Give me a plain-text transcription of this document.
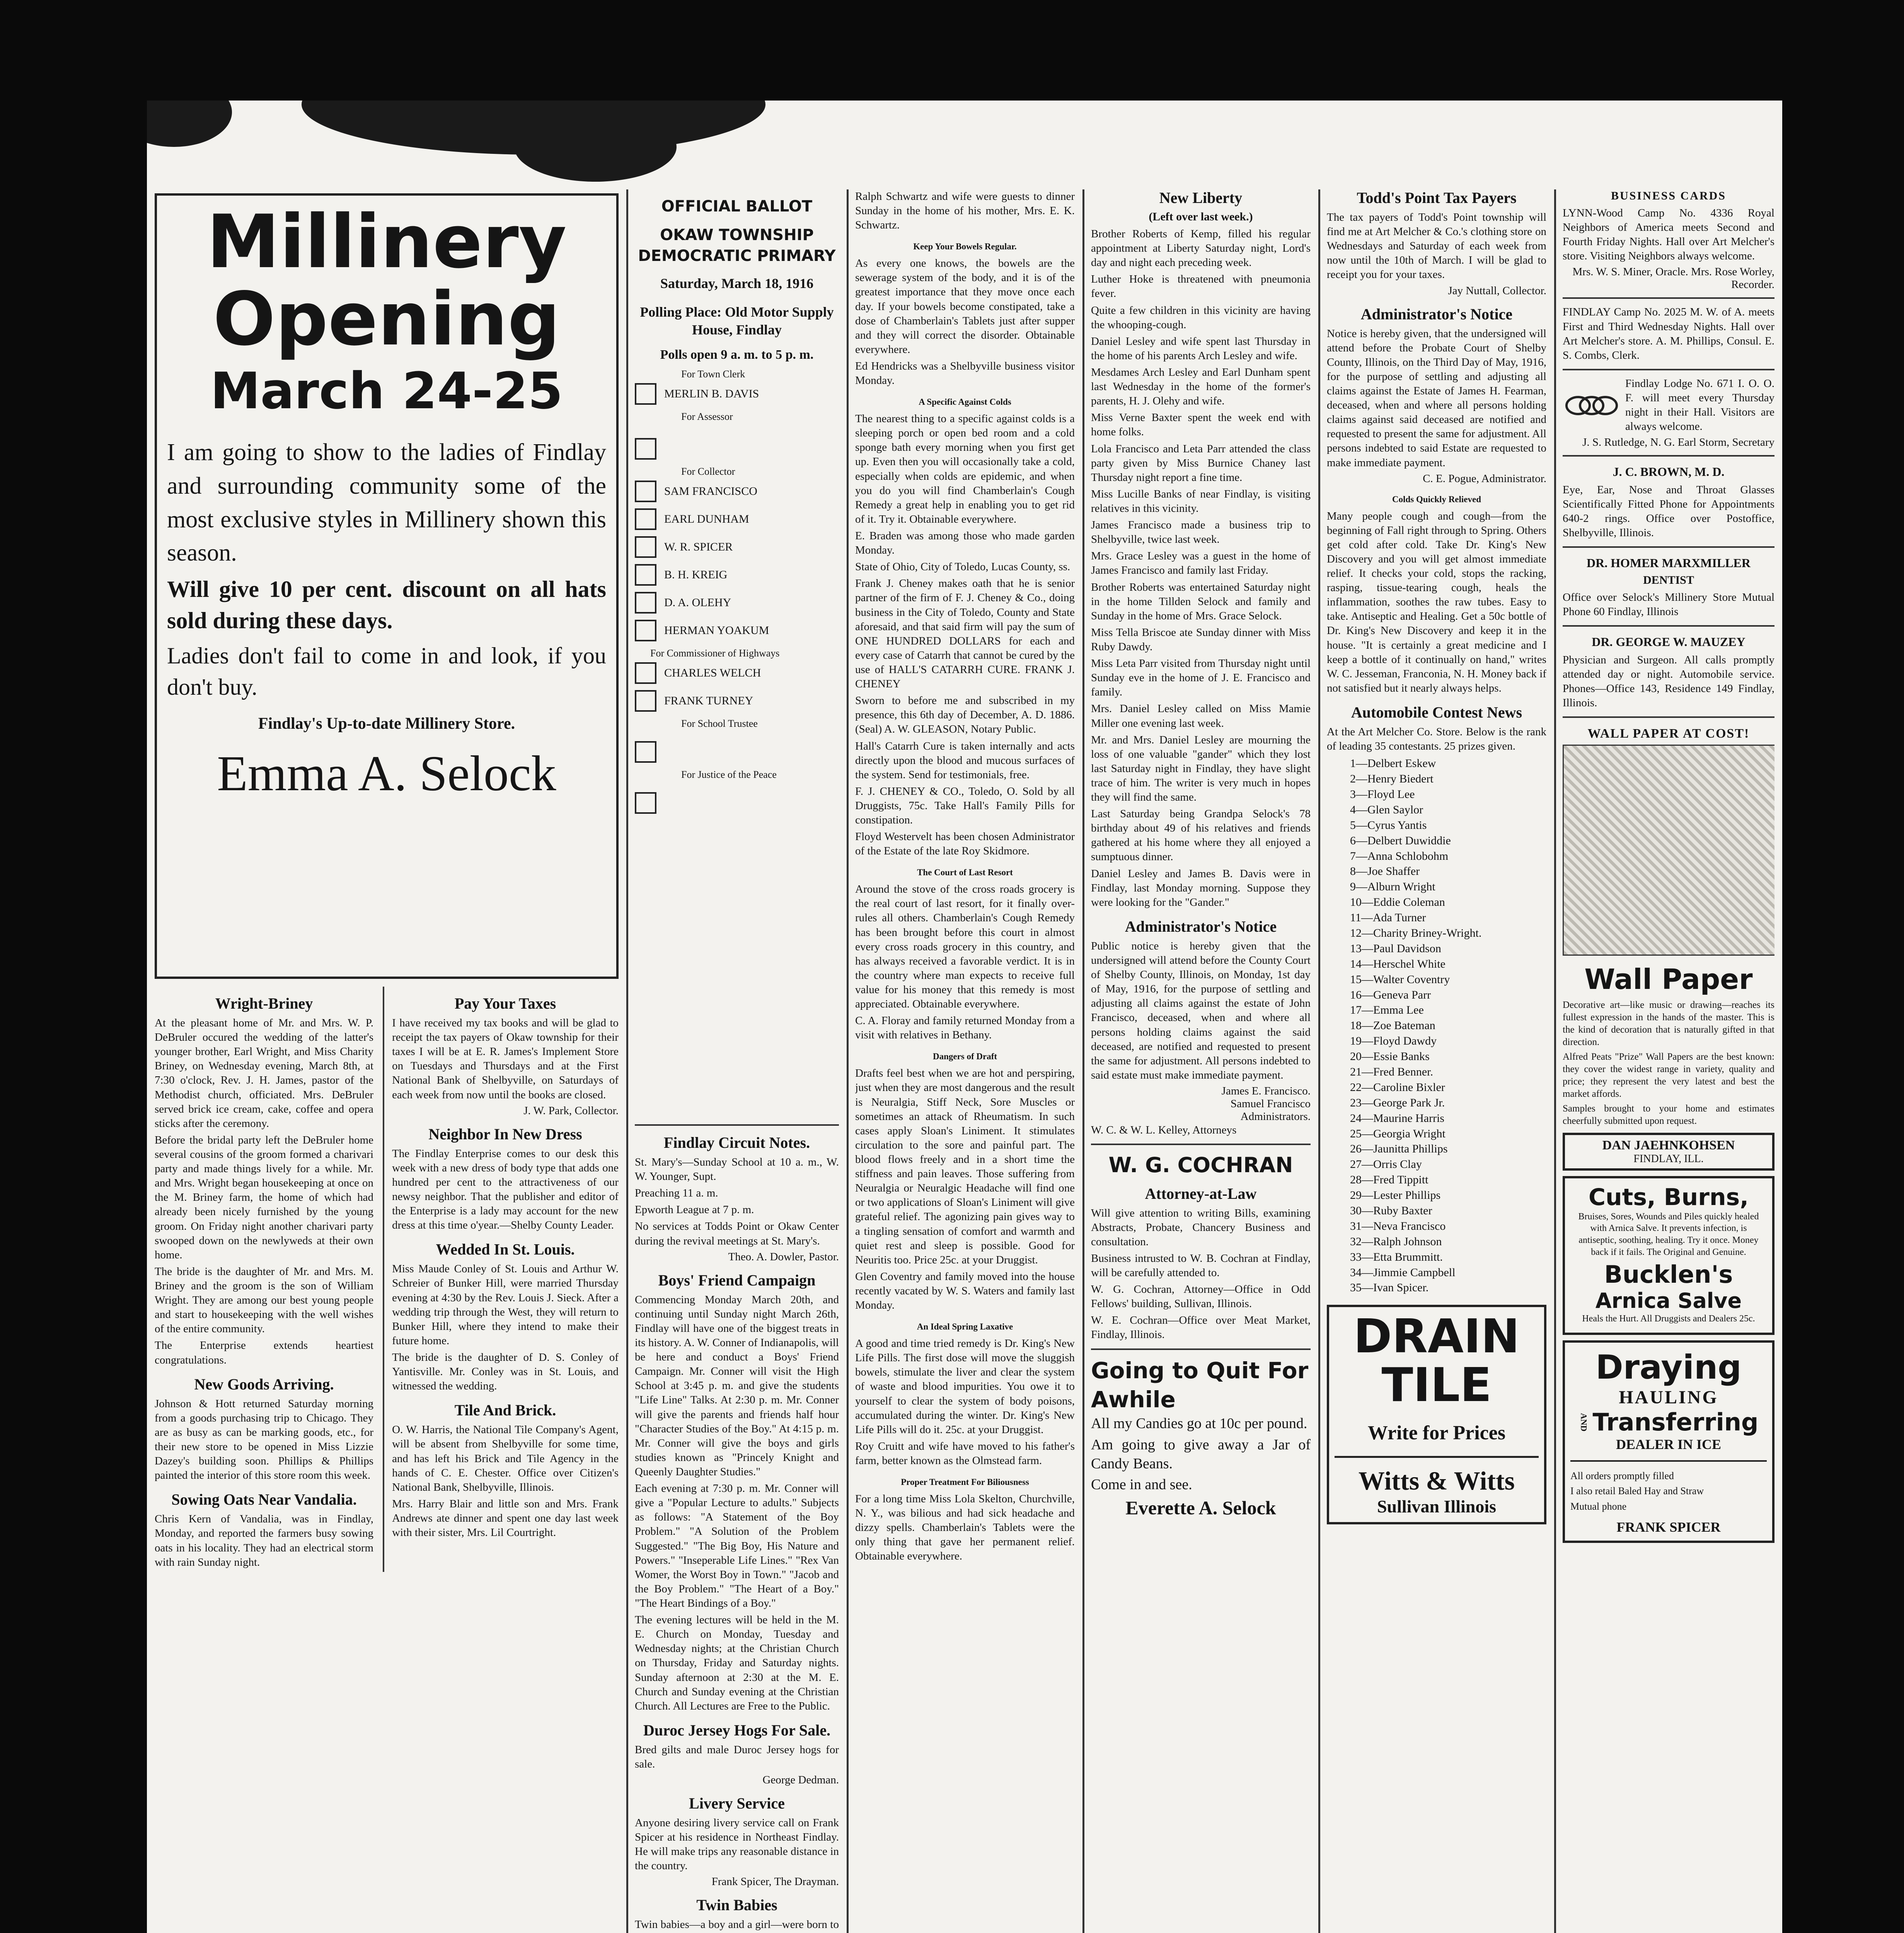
Millinery
Opening
March 24-25

I am going to show to the ladies of Findlay and surrounding community some of the most exclusive styles in Millinery shown this season.

Will give 10 per cent. discount on all hats sold during these days.

Ladies don't fail to come in and look, if you don't buy.

Findlay's Up-to-date Millinery Store.
Emma A. Selock
Wright-Briney

At the pleasant home of Mr. and Mrs. W. P. DeBruler occured the wedding of the latter's younger brother, Earl Wright, and Miss Charity Briney, on Wednesday evening, March 8th, at 7:30 o'clock, Rev. J. H. James, pastor of the Methodist church, officiated. Mrs. DeBruler served brick ice cream, cake, coffee and opera sticks after the ceremony.

Before the bridal party left the DeBruler home several cousins of the groom formed a charivari party and made things lively for a while. Mr. and Mrs. Wright began housekeeping at once on the M. Briney farm, the home of which had already been nicely furnished by the young groom. On Friday night another charivari party swooped down on the newlyweds at their own home.

The bride is the daughter of Mr. and Mrs. M. Briney and the groom is the son of William Wright. They are among our best young people and start to housekeeping with the well wishes of the entire community.

The Enterprise extends heartiest congratulations.

New Goods Arriving.

Johnson & Hott returned Saturday morning from a goods purchasing trip to Chicago. They are as busy as can be marking goods, etc., for their new store to be opened in Miss Lizzie Dazey's building soon. Phillips & Phillips painted the interior of this store room this week.

Sowing Oats Near Vandalia.

Chris Kern of Vandalia, was in Findlay, Monday, and reported the farmers busy sowing oats in his locality. They had an electrical storm with rain Sunday night.

Pay Your Taxes

I have received my tax books and will be glad to receipt the tax payers of Okaw township for their taxes I will be at E. R. James's Implement Store on Tuesdays and Thursdays and at the First National Bank of Shelbyville, on Saturdays of each week from now until the books are closed.

J. W. Park, Collector.
Neighbor In New Dress

The Findlay Enterprise comes to our desk this week with a new dress of body type that adds one hundred per cent to the attractiveness of our newsy neighbor. That the publisher and editor of the Enterprise is a lady may account for the new dress at this time o'year.—Shelby County Leader.

Wedded In St. Louis.

Miss Maude Conley of St. Louis and Arthur W. Schreier of Bunker Hill, were married Thursday evening at 4:30 by the Rev. Louis J. Sieck. After a wedding trip through the West, they will return to Bunker Hill, where they intend to make their future home.

The bride is the daughter of D. S. Conley of Yantisville. Mr. Conley was in St. Louis, and witnessed the wedding.

Tile And Brick.

O. W. Harris, the National Tile Company's Agent, will be absent from Shelbyville for some time, and has left his Brick and Tile Agency in the hands of C. E. Chester. Office over Citizen's National Bank, Shelbyville, Illinois.

Mrs. Harry Blair and little son and Mrs. Frank Andrews ate dinner and spent one day last week with their sister, Mrs. Lil Courtright.

OFFICIAL BALLOT
OKAW TOWNSHIP
DEMOCRATIC PRIMARY
Saturday, March 18, 1916

Polling Place: Old Motor Supply House, Findlay

Polls open 9 a. m. to 5 p. m.

For Town Clerk
MERLIN B. DAVIS
For Assessor
For Collector
SAM FRANCISCO
EARL DUNHAM
W. R. SPICER
B. H. KREIG
D. A. OLEHY
HERMAN YOAKUM
For Commissioner of Highways
CHARLES WELCH
FRANK TURNEY
For School Trustee
For Justice of the Peace
Findlay Circuit Notes.

St. Mary's—Sunday School at 10 a. m., W. W. Younger, Supt.

Preaching 11 a. m.

Epworth League at 7 p. m.

No services at Todds Point or Okaw Center during the revival meetings at St. Mary's.

Theo. A. Dowler, Pastor.
Boys' Friend Campaign

Commencing Monday March 20th, and continuing until Sunday night March 26th, Findlay will have one of the biggest treats in its history. A. W. Conner of Indianapolis, will be here and conduct a Boys' Friend Campaign. Mr. Conner will visit the High School at 3:45 p. m. and give the students "Life Line" Talks. At 2:30 p. m. Mr. Conner will give the parents and friends half hour "Character Studies of the Boy." At 4:15 p. m. Mr. Conner will give the boys and girls studies known as "Princely Knight and Queenly Daughter Studies."

Each evening at 7:30 p. m. Mr. Conner will give a "Popular Lecture to adults." Subjects as follows: "A Statement of the Boy Problem." "A Solution of the Problem Suggested." "The Big Boy, His Nature and Powers." "Inseperable Life Lines." "Rex Van Womer, the Worst Boy in Town." "Jacob and the Boy Problem." "The Heart of a Boy." "The Heart Bindings of a Boy."

The evening lectures will be held in the M. E. Church on Monday, Tuesday and Wednesday nights; at the Christian Church on Thursday, Friday and Saturday nights. Sunday afternoon at 2:30 at the M. E. Church and Sunday evening at the Christian Church. All Lectures are Free to the Public.

Duroc Jersey Hogs For Sale.

Bred gilts and male Duroc Jersey hogs for sale.

George Dedman.
Livery Service

Anyone desiring livery service call on Frank Spicer at his residence in Northeast Findlay. He will make trips any reasonable distance in the country.

Frank Spicer, The Drayman.
Twin Babies

Twin babies—a boy and a girl—were born to

Ralph Schwartz and wife were guests to dinner Sunday in the home of his mother, Mrs. E. K. Schwartz.

Keep Your Bowels Regular.

As every one knows, the bowels are the sewerage system of the body, and it is of the greatest importance that they move once each day. If your bowels become constipated, take a dose of Chamberlain's Tablets just after supper and they will correct the disorder. Obtainable everywhere.

Ed Hendricks was a Shelbyville business visitor Monday.

A Specific Against Colds

The nearest thing to a specific against colds is a sleeping porch or open bed room and a cold sponge bath every morning when you first get up. Even then you will occasionally take a cold, especially when colds are epidemic, and when you do you will find Chamberlain's Cough Remedy a great help in enabling you to get rid of it. Try it. Obtainable everywhere.

E. Braden was among those who made garden Monday.

State of Ohio, City of Toledo, Lucas County, ss.

Frank J. Cheney makes oath that he is senior partner of the firm of F. J. Cheney & Co., doing business in the City of Toledo, County and State aforesaid, and that said firm will pay the sum of ONE HUNDRED DOLLARS for each and every case of Catarrh that cannot be cured by the use of HALL'S CATARRH CURE. FRANK J. CHENEY

Sworn to before me and subscribed in my presence, this 6th day of December, A. D. 1886. (Seal) A. W. GLEASON, Notary Public.

Hall's Catarrh Cure is taken internally and acts directly upon the blood and mucous surfaces of the system. Send for testimonials, free.

F. J. CHENEY & CO., Toledo, O. Sold by all Druggists, 75c. Take Hall's Family Pills for constipation.

Floyd Westervelt has been chosen Administrator of the Estate of the late Roy Skidmore.

The Court of Last Resort

Around the stove of the cross roads grocery is the real court of last resort, for it finally over-rules all others. Chamberlain's Cough Remedy has been brought before this court in almost every cross roads grocery in this country, and has always received a favorable verdict. It is in the country where man expects to receive full value for his money that this remedy is most appreciated. Obtainable everywhere.

C. A. Floray and family returned Monday from a visit with relatives in Bethany.

Dangers of Draft

Drafts feel best when we are hot and perspiring, just when they are most dangerous and the result is Neuralgia, Stiff Neck, Sore Muscles or sometimes an attack of Rheumatism. In such cases apply Sloan's Liniment. It stimulates circulation to the sore and painful part. The blood flows freely and in a short time the stiffness and pain leaves. Those suffering from Neuralgia or Neuralgic Headache will find one or two applications of Sloan's Liniment will give grateful relief. The agonizing pain gives way to a tingling sensation of comfort and warmth and quiet rest and sleep is possible. Good for Neuritis too. Price 25c. at your Druggist.

Glen Coventry and family moved into the house recently vacated by W. S. Waters and family last Monday.

An Ideal Spring Laxative

A good and time tried remedy is Dr. King's New Life Pills. The first dose will move the sluggish bowels, stimulate the liver and clear the system of waste and blood impurities. You owe it to yourself to clear the system of body poisons, accumulated during the winter. Dr. King's New Life Pills will do it. 25c. at your Druggist.

Roy Cruitt and wife have moved to his father's farm, better known as the Olmstead farm.

Proper Treatment For Biliousness

For a long time Miss Lola Skelton, Churchville, N. Y., was bilious and had sick headache and dizzy spells. Chamberlain's Tablets were the only thing that gave her permanent relief. Obtainable everywhere.

New Liberty
(Left over last week.)

Brother Roberts of Kemp, filled his regular appointment at Liberty Saturday night, Lord's day and night each preceding week.

Luther Hoke is threatened with pneumonia fever.

Quite a few children in this vicinity are having the whooping-cough.

Daniel Lesley and wife spent last Thursday in the home of his parents Arch Lesley and wife.

Mesdames Arch Lesley and Earl Dunham spent last Wednesday in the home of the former's parents, H. J. Olehy and wife.

Miss Verne Baxter spent the week end with home folks.

Lola Francisco and Leta Parr attended the class party given by Miss Burnice Chaney last Thursday night report a fine time.

Miss Lucille Banks of near Findlay, is visiting relatives in this vicinity.

James Francisco made a business trip to Shelbyville, twice last week.

Mrs. Grace Lesley was a guest in the home of James Francisco and family last Friday.

Brother Roberts was entertained Saturday night in the home Tillden Selock and family and Sunday in the home of Mrs. Grace Selock.

Miss Tella Briscoe ate Sunday dinner with Miss Ruby Dawdy.

Miss Leta Parr visited from Thursday night until Sunday eve in the home of J. E. Francisco and family.

Mrs. Daniel Lesley called on Miss Mamie Miller one evening last week.

Mr. and Mrs. Daniel Lesley are mourning the loss of one valuable "gander" which they lost last Saturday night in Findlay, they have slight trace of him. The writer is very much in hopes they will find the same.

Last Saturday being Grandpa Selock's 78 birthday about 49 of his relatives and friends gathered at his home where they all enjoyed a sumptuous dinner.

Daniel Lesley and James B. Davis were in Findlay, last Monday morning. Suppose they were looking for the "Gander."

Administrator's Notice

Public notice is hereby given that the undersigned will attend before the County Court of Shelby County, Illinois, on Monday, 1st day of May, 1916, for the purpose of settling and adjusting all claims against the estate of John Francisco, deceased, when and where all persons holding claims against the said deceased, are notified and requested to present the same for adjustment. All persons indebted to said estate must make immediate payment.

James E. Francisco.
Samuel Francisco
Administrators.

W. C. & W. L. Kelley, Attorneys

W. G. COCHRAN
Attorney-at-Law

Will give attention to writing Bills, examining Abstracts, Probate, Chancery Business and consultation.

Business intrusted to W. B. Cochran at Findlay, will be carefully attended to.

W. G. Cochran, Attorney—Office in Odd Fellows' building, Sullivan, Illinois.

W. E. Cochran—Office over Meat Market, Findlay, Illinois.

Going to Quit For Awhile

All my Candies go at 10c per pound.

Am going to give away a Jar of Candy Beans.

Come in and see.

Everette A. Selock
Todd's Point Tax Payers

The tax payers of Todd's Point township will find me at Art Melcher & Co.'s clothing store on Wednesdays and Saturday of each week from now until the 10th of March. I will be glad to receipt you for your taxes.

Jay Nuttall, Collector.
Administrator's Notice

Notice is hereby given, that the undersigned will attend before the Probate Court of Shelby County, Illinois, on the Third Day of May, 1916, for the purpose of settling and adjusting all claims against the Estate of James H. Fearman, deceased, when and where all persons holding claims against said deceased are notified and requested to present the same for adjustment. All persons indebted to said Estate are requested to make immediate payment.

C. E. Pogue, Administrator.
Colds Quickly Relieved

Many people cough and cough—from the beginning of Fall right through to Spring. Others get cold after cold. Take Dr. King's New Discovery and you will get almost immediate relief. It checks your cold, stops the racking, rasping, tissue-tearing cough, heals the inflammation, soothes the raw tubes. Easy to take. Antiseptic and Healing. Get a 50c bottle of Dr. King's New Discovery and keep it in the house. "It is certainly a great medicine and I keep a bottle of it continually on hand," writes W. C. Jesseman, Franconia, N. H. Money back if not satisfied but it nearly always helps.

Automobile Contest News

At the Art Melcher Co. Store. Below is the rank of leading 35 contestants. 25 prizes given.

1—Delbert Eskew
2—Henry Biedert
3—Floyd Lee
4—Glen Saylor
5—Cyrus Yantis
6—Delbert Duwiddie
7—Anna Schlobohm
8—Joe Shaffer
9—Alburn Wright
10—Eddie Coleman
11—Ada Turner
12—Charity Briney-Wright.
13—Paul Davidson
14—Herschel White
15—Walter Coventry
16—Geneva Parr
17—Emma Lee
18—Zoe Bateman
19—Floyd Dawdy
20—Essie Banks
21—Fred Benner.
22—Caroline Bixler
23—George Park Jr.
24—Maurine Harris
25—Georgia Wright
26—Jaunitta Phillips
27—Orris Clay
28—Fred Tippitt
29—Lester Phillips
30—Ruby Baxter
31—Neva Francisco
32—Ralph Johnson
33—Etta Brummitt.
34—Jimmie Campbell
35—Ivan Spicer.
DRAIN
TILE
Write for Prices
Witts & Witts
Sullivan Illinois
BUSINESS CARDS

LYNN-Wood Camp No. 4336 Royal Neighbors of America meets Second and Fourth Friday Nights. Hall over Art Melcher's store. Visiting Neighbors always welcome.

Mrs. W. S. Miner, Oracle. Mrs. Rose Worley, Recorder.

FINDLAY Camp No. 2025 M. W. of A. meets First and Third Wednesday Nights. Hall over Art Melcher's store. A. M. Phillips, Consul. E. S. Combs, Clerk.

Findlay Lodge No. 671 I. O. O. F. will meet every Thursday night in their Hall. Visitors are always welcome.

J. S. Rutledge, N. G. Earl Storm, Secretary
J. C. BROWN, M. D.

Eye, Ear, Nose and Throat Glasses Scientifically Fitted Phone for Appointments 640-2 rings. Office over Postoffice, Shelbyville, Illinois.

DR. HOMER MARXMILLER
DENTIST

Office over Selock's Millinery Store Mutual Phone 60 Findlay, Illinois

DR. GEORGE W. MAUZEY

Physician and Surgeon. All calls promptly attended day or night. Automobile service. Phones—Office 143, Residence 149 Findlay, Illinois.

WALL PAPER AT COST!
Wall Paper

Decorative art—like music or drawing—reaches its fullest expression in the hands of the master. This is the kind of decoration that is naturally gifted in that direction.

Alfred Peats "Prize" Wall Papers are the best known: they cover the widest range in variety, quality and price; they represent the very latest and best the market affords.

Samples brought to your home and estimates cheerfully submitted upon request.

DAN JAEHNKOHSEN
FINDLAY, ILL.
Cuts, Burns,

Bruises, Sores, Wounds and Piles quickly healed with Arnica Salve. It prevents infection, is antiseptic, soothing, healing. Try it once. Money back if it fails. The Original and Genuine.

Bucklen's
Arnica Salve

Heals the Hurt. All Druggists and Dealers 25c.

Draying
HAULING
AND Transferring
DEALER IN ICE

All orders promptly filled

I also retail Baled Hay and Straw

Mutual phone

FRANK SPICER
